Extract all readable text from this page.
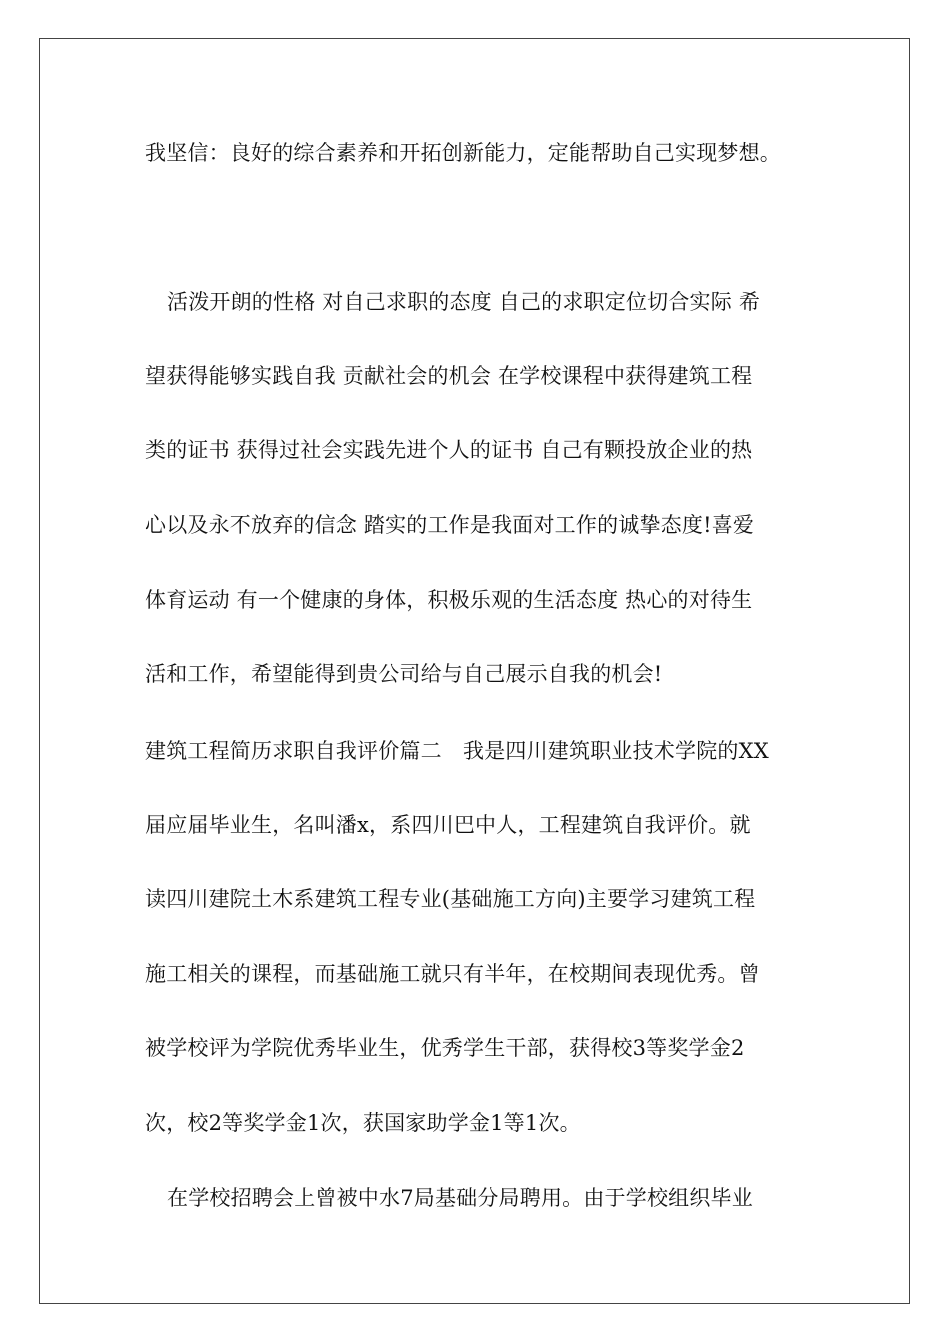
我坚信：良好的综合素养和开拓创新能力，定能帮助自己实现梦想。
活泼开朗的性格 对自己求职的态度 自己的求职定位切合实际 希
望获得能够实践自我 贡献社会的机会 在学校课程中获得建筑工程
类的证书 获得过社会实践先进个人的证书 自己有颗投放企业的热
心以及永不放弃的信念 踏实的工作是我面对工作的诚挚态度!喜爱
体育运动 有一个健康的身体，积极乐观的生活态度 热心的对待生
活和工作，希望能得到贵公司给与自己展示自我的机会!
建筑工程简历求职自我评价篇二　我是四川建筑职业技术学院的XX
届应届毕业生，名叫潘x，系四川巴中人，工程建筑自我评价。就
读四川建院土木系建筑工程专业(基础施工方向)主要学习建筑工程
施工相关的课程，而基础施工就只有半年，在校期间表现优秀。曾
被学校评为学院优秀毕业生，优秀学生干部，获得校3等奖学金2
次，校2等奖学金1次，获国家助学金1等1次。
在学校招聘会上曾被中水7局基础分局聘用。由于学校组织毕业
